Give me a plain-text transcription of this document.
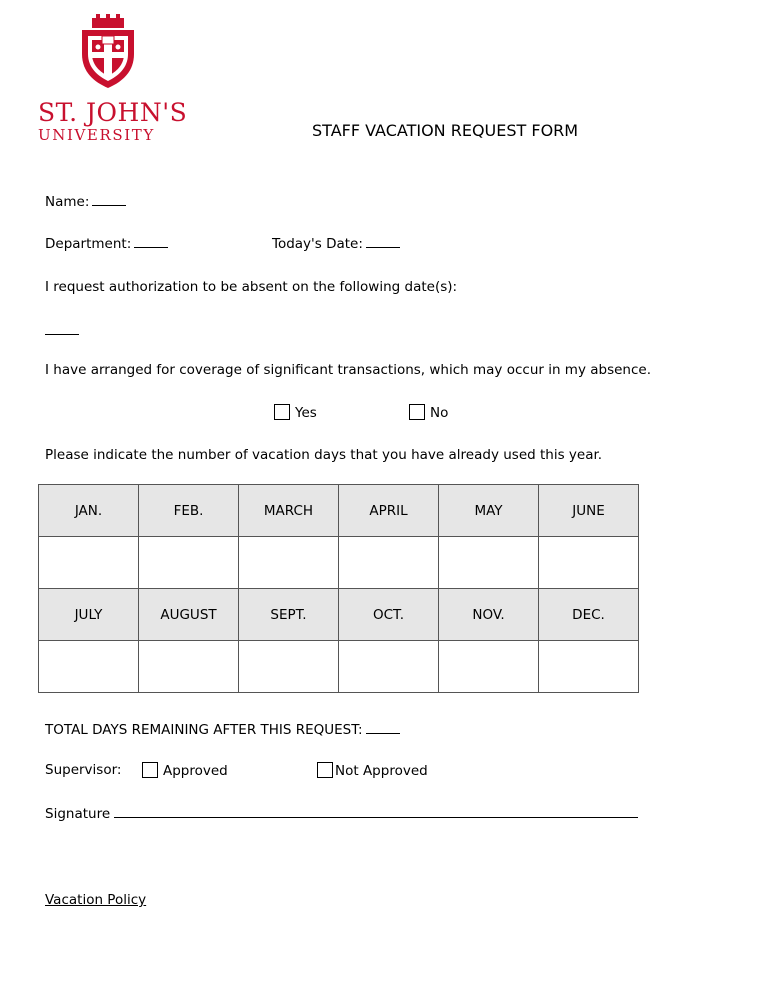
ST. JOHN'S
UNIVERSITY	STAFF VACATION REQUEST FORM
Name:
Department:	Today's Date:
I request authorization to be absent on the following date(s):
I have arranged for coverage of significant transactions, which may occur in my absence.
Yes	No
Please indicate the number of vacation days that you have already used this year.
JAN.	FEB.	MARCH	APRIL	MAY	JUNE

JULY	AUGUST	SEPT.	OCT.	NOV.	DEC.

TOTAL DAYS REMAINING AFTER THIS REQUEST:
Supervisor:	Approved	Not Approved
Signature
Vacation Policy
